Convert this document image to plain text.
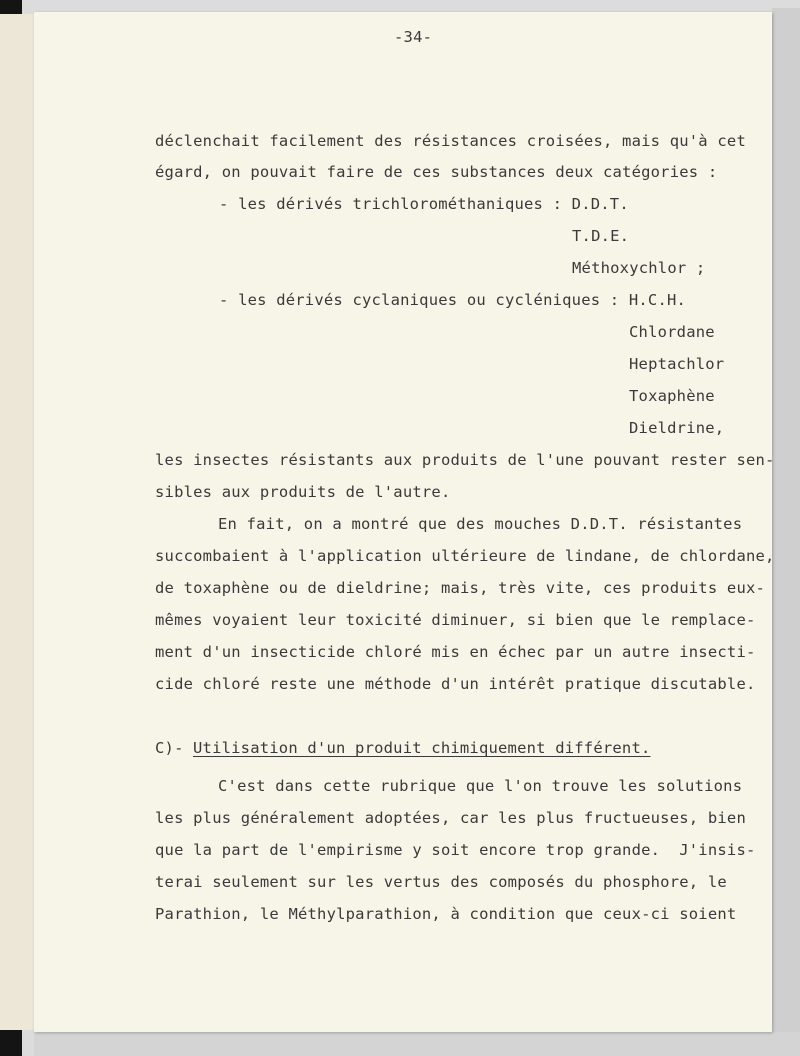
-34-

déclenchait facilement des résistances croisées, mais qu'à cet

égard, on pouvait faire de ces substances deux catégories :

- les dérivés trichlorométhaniques : D.D.T.

T.D.E.

Méthoxychlor ;

- les dérivés cyclaniques ou cycléniques : H.C.H.

Chlordane

Heptachlor

Toxaphène

Dieldrine,

les insectes résistants aux produits de l'une pouvant rester sen-

sibles aux produits de l'autre.

En fait, on a montré que des mouches D.D.T. résistantes

succombaient à l'application ultérieure de lindane, de chlordane,

de toxaphène ou de dieldrine; mais, très vite, ces produits eux-

mêmes voyaient leur toxicité diminuer, si bien que le remplace-

ment d'un insecticide chloré mis en échec par un autre insecti-

cide chloré reste une méthode d'un intérêt pratique discutable.

C)- Utilisation d'un produit chimiquement différent.

C'est dans cette rubrique que l'on trouve les solutions

les plus généralement adoptées, car les plus fructueuses, bien

que la part de l'empirisme y soit encore trop grande.  J'insis-

terai seulement sur les vertus des composés du phosphore, le

Parathion, le Méthylparathion, à condition que ceux-ci soient
